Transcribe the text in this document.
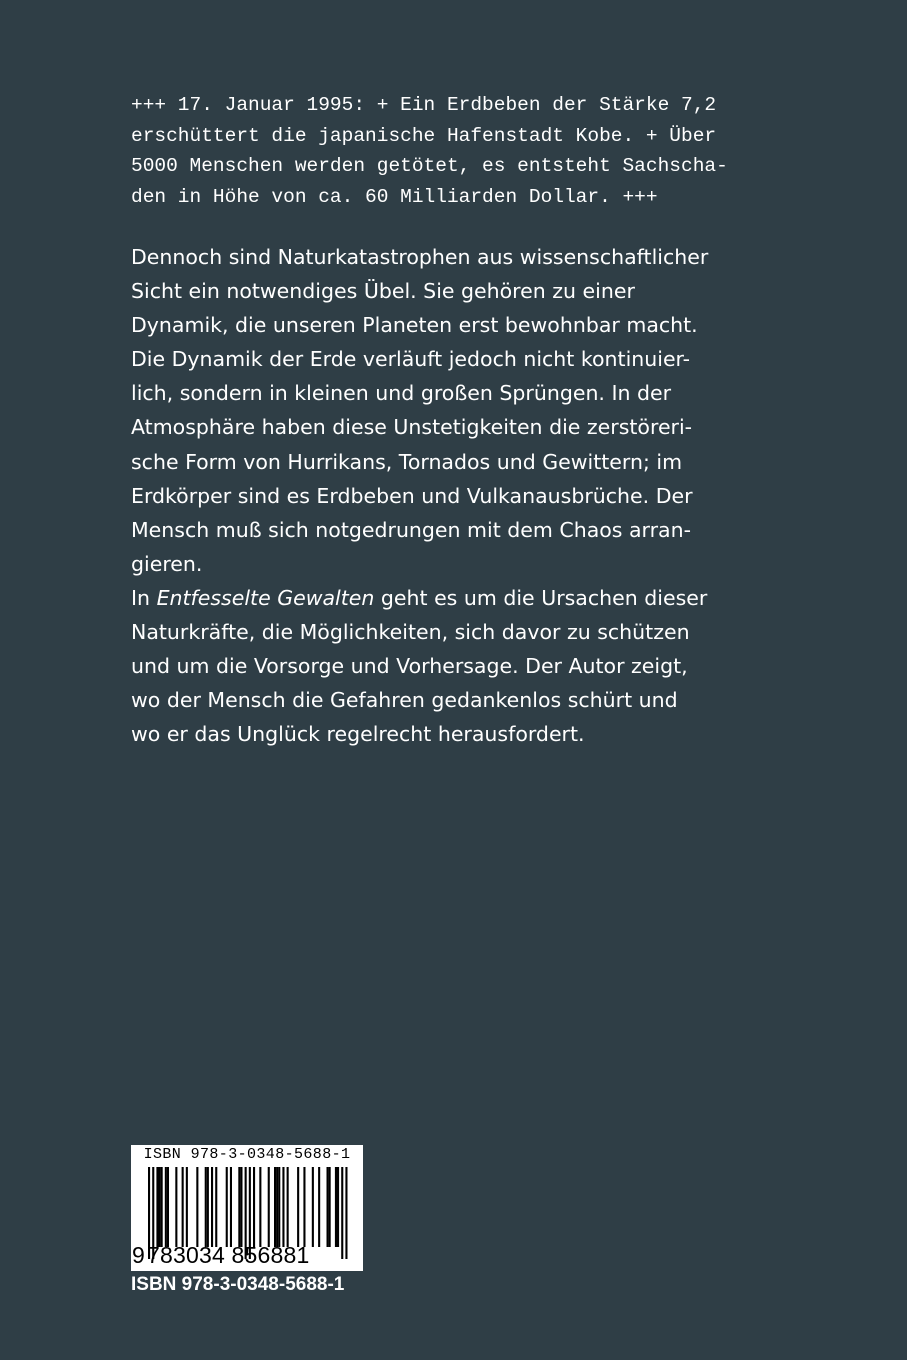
+++ 17. Januar 1995: + Ein Erdbeben der Stärke 7,2
erschüttert die japanische Hafenstadt Kobe. + Über
5000 Menschen werden getötet, es entsteht Sachscha-
den in Höhe von ca. 60 Milliarden Dollar. +++
Dennoch sind Naturkatastrophen aus wissenschaftlicher
Sicht ein notwendiges Übel. Sie gehören zu einer
Dynamik, die unseren Planeten erst bewohnbar macht.
Die Dynamik der Erde verläuft jedoch nicht kontinuier-
lich, sondern in kleinen und großen Sprüngen. In der
Atmosphäre haben diese Unstetigkeiten die zerstöreri-
sche Form von Hurrikans, Tornados und Gewittern; im
Erdkörper sind es Erdbeben und Vulkanausbrüche. Der
Mensch muß sich notgedrungen mit dem Chaos arran-
gieren.
In Entfesselte Gewalten geht es um die Ursachen dieser
Naturkräfte, die Möglichkeiten, sich davor zu schützen
und um die Vorsorge und Vorhersage. Der Autor zeigt,
wo der Mensch die Gefahren gedankenlos schürt und
wo er das Unglück regelrecht herausfordert.
ISBN 978-3-0348-5688-1
9 783034 856881
ISBN 978-3-0348-5688-1
